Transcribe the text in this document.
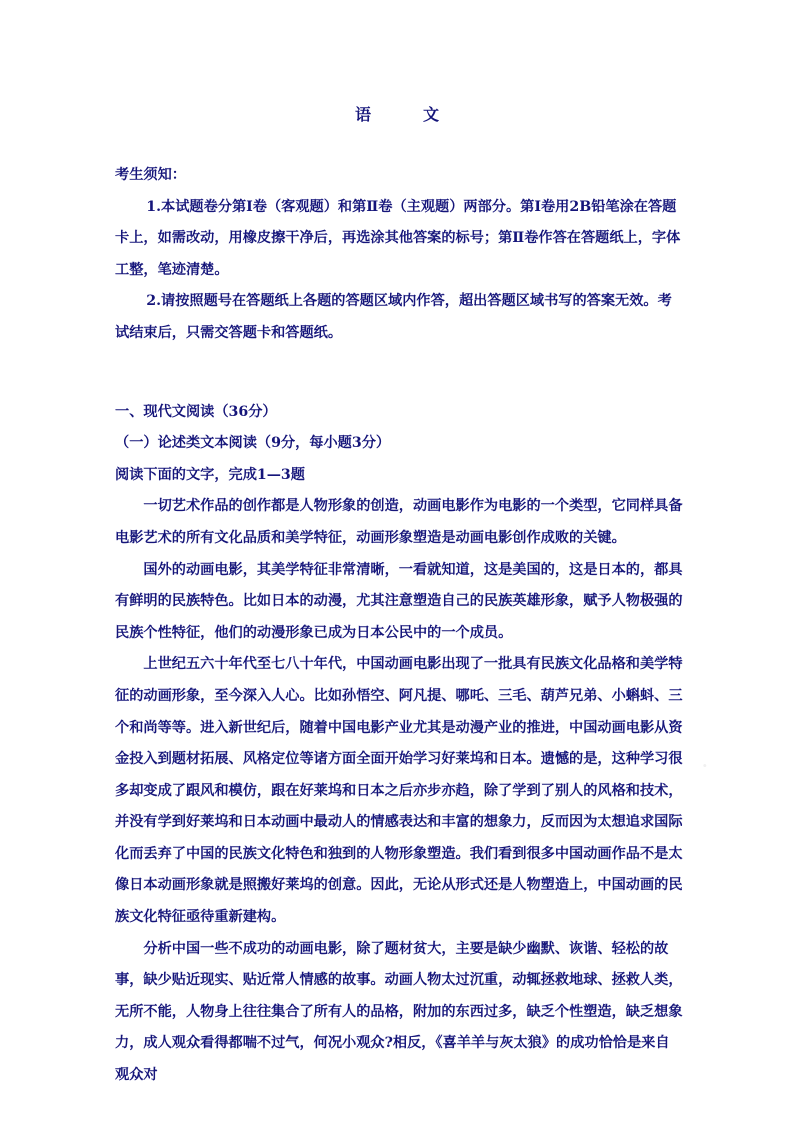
语　文

考生须知：

1.本试题卷分第Ⅰ卷（客观题）和第Ⅱ卷（主观题）两部分。第Ⅰ卷用2B铅笔涂在答题卡上，如需改动，用橡皮擦干净后，再选涂其他答案的标号；第Ⅱ卷作答在答题纸上，字体工整，笔迹清楚。

2.请按照题号在答题纸上各题的答题区域内作答，超出答题区域书写的答案无效。考试结束后，只需交答题卡和答题纸。

一、现代文阅读（36分）

（一）论述类文本阅读（9分，每小题3分）

阅读下面的文字，完成1—3题

一切艺术作品的创作都是人物形象的创造，动画电影作为电影的一个类型，它同样具备电影艺术的所有文化品质和美学特征，动画形象塑造是动画电影创作成败的关键。

国外的动画电影，其美学特征非常清晰，一看就知道，这是美国的，这是日本的，都具有鲜明的民族特色。比如日本的动漫，尤其注意塑造自己的民族英雄形象，赋予人物极强的民族个性特征，他们的动漫形象已成为日本公民中的一个成员。

上世纪五六十年代至七八十年代，中国动画电影出现了一批具有民族文化品格和美学特征的动画形象，至今深入人心。比如孙悟空、阿凡提、哪吒、三毛、葫芦兄弟、小蝌蚪、三个和尚等等。进入新世纪后，随着中国电影产业尤其是动漫产业的推进，中国动画电影从资金投入到题材拓展、风格定位等诸方面全面开始学习好莱坞和日本。遗憾的是，这种学习很多却变成了跟风和模仿，跟在好莱坞和日本之后亦步亦趋，除了学到了别人的风格和技术，并没有学到好莱坞和日本动画中最动人的情感表达和丰富的想象力，反而因为太想追求国际化而丢弃了中国的民族文化特色和独到的人物形象塑造。我们看到很多中国动画作品不是太像日本动画形象就是照搬好莱坞的创意。因此，无论从形式还是人物塑造上，中国动画的民族文化特征亟待重新建构。

分析中国一些不成功的动画电影，除了题材贫大，主要是缺少幽默、诙谐、轻松的故事，缺少贴近现实、贴近常人情感的故事。动画人物太过沉重，动辄拯救地球、拯救人类，无所不能，人物身上往往集合了所有人的品格，附加的东西过多，缺乏个性塑造，缺乏想象力，成人观众看得都喘不过气，何况小观众?相反，《喜羊羊与灰太狼》的成功恰恰是来自观众对

·
